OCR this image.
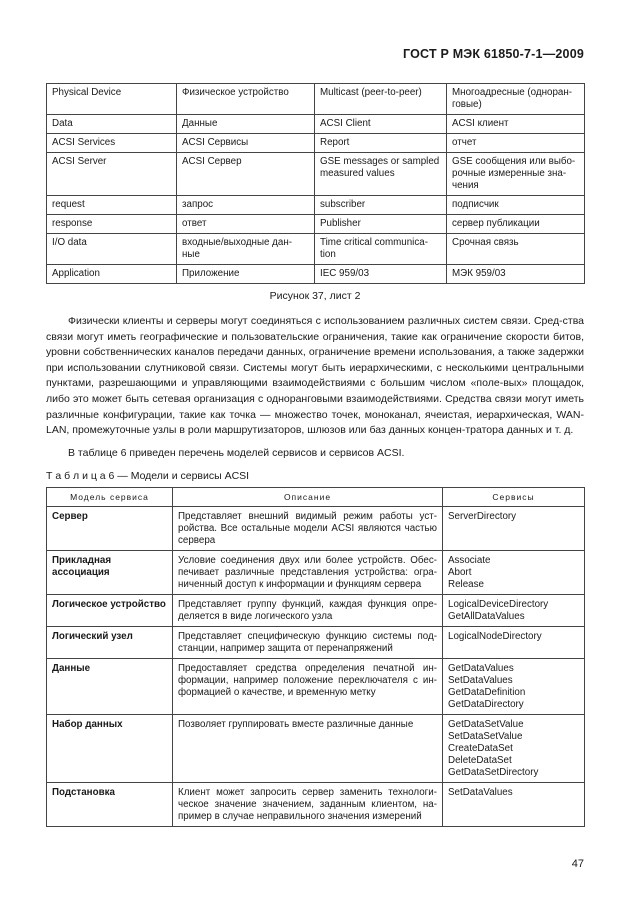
ГОСТ Р МЭК 61850-7-1—2009
Physical Device	Физическое устройство	Multicast (peer-to-peer)	Многоадресные (одноран-говые)
Data	Данные	ACSI Client	ACSI клиент
ACSI Services	ACSI Сервисы	Report	отчет
ACSI Server	ACSI Сервер	GSE messages or sampled measured values	GSE сообщения или выбо-рочные измеренные зна-чения
request	запрос	subscriber	подписчик
response	ответ	Publisher	сервер публикации
I/O data	входные/выходные дан-ные	Time critical communica-tion	Срочная связь
Application	Приложение	IEC 959/03	МЭК 959/03
Рисунок 37, лист 2

Физически клиенты и серверы могут соединяться с использованием различных систем связи. Сред-ства связи могут иметь географические и пользовательские ограничения, такие как ограничение скорости битов, уровни собственнических каналов передачи данных, ограничение времени использования, а также задержки при использовании слутниковой связи. Системы могут быть иерархическими, с несколькими центральными пунктами, разрешающими и управляющими взаимодействиями с большим числом «поле-вых» площадок, либо это может быть сетевая организация с одноранговыми взаимодействиями. Средства связи могут иметь различные конфигурации, такие как точка — множество точек, моноканал, ячеистая, иерархическая, WAN-LAN, промежуточные узлы в роли маршрутизаторов, шлюзов или баз данных концен-тратора данных и т. д.

В таблице 6 приведен перечень моделей сервисов и сервисов ACSI.

Т а б л и ц а 6 — Модели и сервисы ACSI
Модель сервиса	Описание	Сервисы
Сервер	Представляет внешний видимый режим работы уст-ройства. Все остальные модели ACSI являются частью сервера	ServerDirectory

Прикладная ассоциация	Условие соединения двух или более устройств. Обес-печивает различные представления устройства: огра-ниченный доступ к информации и функциям сервера	Associate
Abort
Release

Логическое устройство	Представляет группу функций, каждая функция опре-деляется в виде логического узла	LogicalDeviceDirectory
GetAllDataValues

Логический узел	Представляет специфическую функцию системы под-станции, например защита от перенапряжений	LogicalNodeDirectory

Данные	Предоставляет средства определения печатной ин-формации, например положение переключателя с ин-формацией о качестве, и временную метку	GetDataValues
SetDataValues
GetDataDefinition
GetDataDirectory

Набор данных	Позволяет группировать вместе различные данные	GetDataSetValue
SetDataSetValue
CreateDataSet
DeleteDataSet
GetDataSetDirectory

Подстановка	Клиент может запросить сервер заменить технологи-ческое значение значением, заданным клиентом, на-пример в случае неправильного значения измерений	SetDataValues
47
